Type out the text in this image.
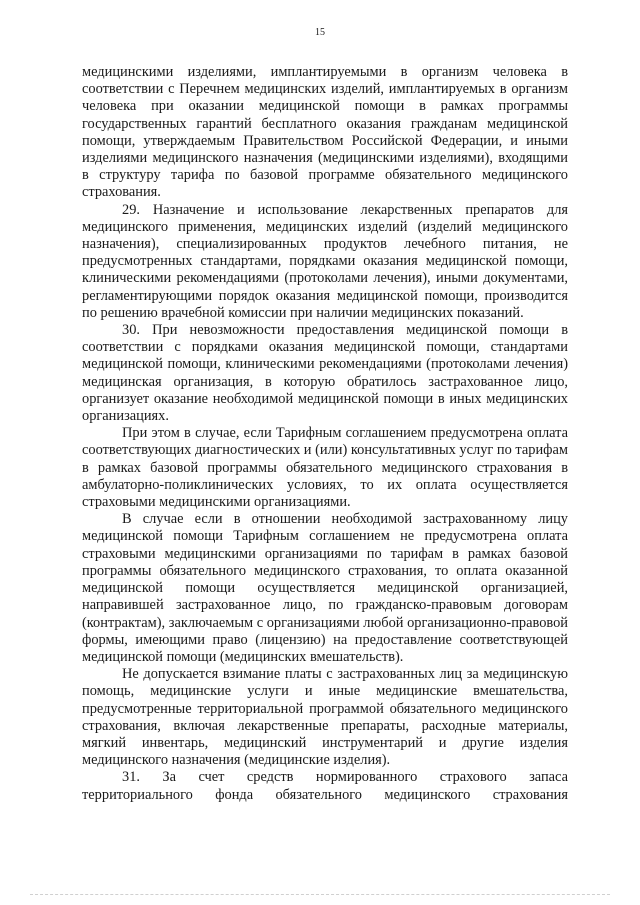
15

медицинскими изделиями, имплантируемыми в организм человека в соответствии с Перечнем медицинских изделий, имплантируемых в организм человека при оказании медицинской помощи в рамках программы государственных гарантий бесплатного оказания гражданам медицинской помощи, утверждаемым Правительством Российской Федерации, и иными изделиями медицинского назначения (медицинскими изделиями), входящими в структуру тарифа по базовой программе обязательного медицинского страхования.

29. Назначение и использование лекарственных препаратов для медицинского применения, медицинских изделий (изделий медицинского назначения), специализированных продуктов лечебного питания, не предусмотренных стандартами, порядками оказания медицинской помощи, клиническими рекомендациями (протоколами лечения), иными документами, регламентирующими порядок оказания медицинской помощи, производится по решению врачебной комиссии при наличии медицинских показаний.

30. При невозможности предоставления медицинской помощи в соответствии с порядками оказания медицинской помощи, стандартами медицинской помощи, клиническими рекомендациями (протоколами лечения) медицинская организация, в которую обратилось застрахованное лицо, организует оказание необходимой медицинской помощи в иных медицинских организациях.

При этом в случае, если Тарифным соглашением предусмотрена оплата соответствующих диагностических и (или) консультативных услуг по тарифам в рамках базовой программы обязательного медицинского страхования в амбулаторно-поликлинических условиях, то их оплата осуществляется страховыми медицинскими организациями.

В случае если в отношении необходимой застрахованному лицу медицинской помощи Тарифным соглашением не предусмотрена оплата страховыми медицинскими организациями по тарифам в рамках базовой программы обязательного медицинского страхования, то оплата оказанной медицинской помощи осуществляется медицинской организацией, направившей застрахованное лицо, по гражданско-правовым договорам (контрактам), заключаемым с организациями любой организационно-правовой формы, имеющими право (лицензию) на предоставление соответствующей медицинской помощи (медицинских вмешательств).

Не допускается взимание платы с застрахованных лиц за медицинскую помощь, медицинские услуги и иные медицинские вмешательства, предусмотренные территориальной программой обязательного медицинского страхования, включая лекарственные препараты, расходные материалы, мягкий инвентарь, медицинский инструментарий и другие изделия медицинского назначения (медицинские изделия).

31. За счет средств нормированного страхового запаса территориального фонда обязательного медицинского страхования
